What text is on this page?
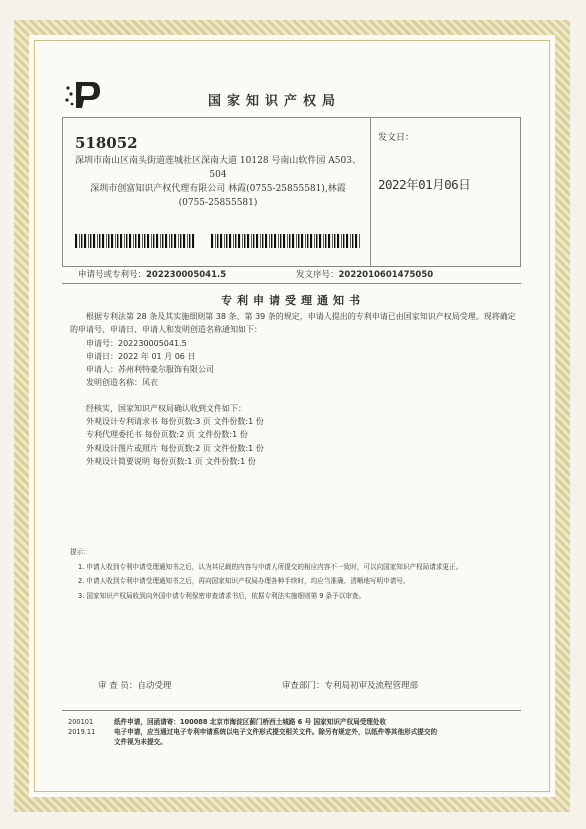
国家知识产权局
518052
深圳市南山区南头街道莲城社区深南大道 10128 号南山软件园 A503、
504
深圳市创富知识产权代理有限公司 林霞(0755-25855581),林霞
(0755-25855581)
发文日：
2022年01月06日
申请号或专利号：202230005041.5	发文序号：2022010601475050
专利申请受理通知书

根据专利法第 28 条及其实施细则第 38 条、第 39 条的规定，申请人提出的专利申请已由国家知识产权局受理。现将确定的申请号、申请日、申请人和发明创造名称通知如下：

申请号：202230005041.5

申请日：2022 年 01 月 06 日

申请人：苏州利特豪尔服饰有限公司

发明创造名称：风衣

经核实，国家知识产权局确认收到文件如下：

外观设计专利请求书 每份页数:3 页 文件份数:1 份

专利代理委托书 每份页数:2 页 文件份数:1 份

外观设计图片或照片 每份页数:2 页 文件份数:1 份

外观设计简要说明 每份页数:1 页 文件份数:1 份

提示：
1. 申请人收到专利申请受理通知书之后，认为其记载的内容与申请人所提交的相应内容不一致时，可以向国家知识产权局请求更正。
2. 申请人收到专利申请受理通知书之后，再向国家知识产权局办理各种手续时，均应当准确、清晰地写明申请号。
3. 国家知识产权局收到向外国申请专利保密审查请求书后，依据专利法实施细则第 9 条予以审查。
审 查 员：自动受理	审查部门：专利局初审及流程管理部
200101
2019.11
纸件申请，回函请寄：100088 北京市海淀区蓟门桥西土城路 6 号 国家知识产权局受理处收
电子申请，应当通过电子专利申请系统以电子文件形式提交相关文件。除另有规定外，以纸件等其他形式提交的
文件视为未提交。
